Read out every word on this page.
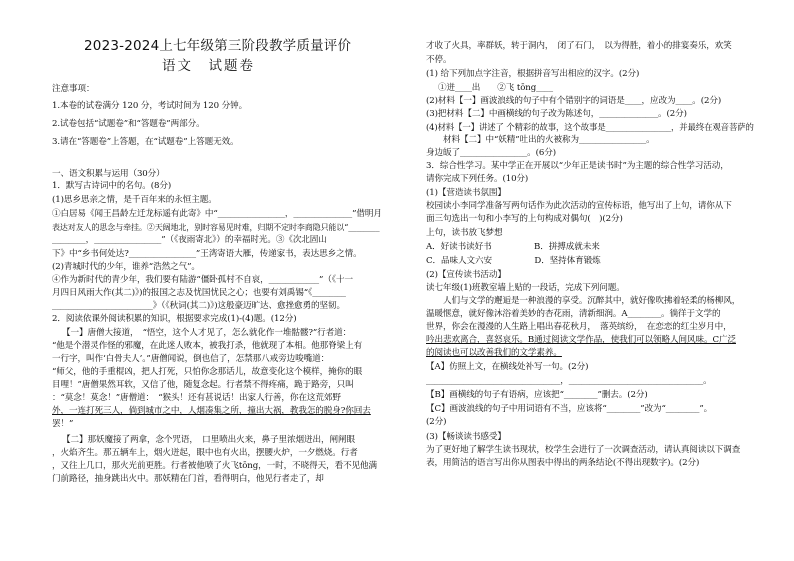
2023-2024上七年级第三阶段教学质量评价
语文　试题卷
注意事项：
1.本卷的试卷满分 120 分，考试时间为 120 分钟。
2.试卷包括“试题卷”和“答题卷”两部分。
3.请在“答题卷”上答题，在“试题卷”上答题无效。
一、语文积累与运用（30分）
1．默写古诗词中的名句。(8分)
(1)思乡思亲之情，是千百年来的永恒主题。
①白居易《闻王昌龄左迁龙标遥有此寄》中“________________，______________”借明月
表达对友人的思念与牵挂。②天阔地北，别时容易见时难，归期不定时李商隐只能以“________
________，________________”（《夜雨寄北》）的幸福时光。③《次北固山
下》中“乡书何处达?________________”王湾寄语大雁，传递家书，表达思乡之情。
(2)青城时代的少年，谁养“浩然之气”。
④作为新时代的青少年，我们要有陆游“僵卧孤村不自哀，____________”（《十一
月四日风雨大作(其二)》)的报国之志及忧国忧民之心；也要有刘禹锡“《________
________________________》（《秋词(其二)》)这般豪迈旷达、愈挫愈勇的坚韧。
2．阅读依课外阅读积累的知识，根据要求完成(1)-(4)题。(12分)
【一】唐僧大接道，　“悟空，这个人才见了，怎么就化作一堆骷髅?”行者道：
“他是个潜灵作怪的邪魔，在此迷人败本，被我打杀，他就现了本相。他那脊梁上有
一行字，叫作‘白骨夫人’。”唐僧闻说，倒也信了，怎禁那八戒旁边唆嘴道：
“师父，他的手重棍凶，把人打死，只怕你念那话儿，故意变化这个模样，掩你的眼
目哩！”唐僧果然耳软，又信了他，随复念起。行者禁不得疼痛，跪于路旁，只叫
：“莫念！莫念！”唐僧道：　“猴头！还有甚说话！出家人行善，你在这荒郊野
外，一连打死三人，倘到城市之中，人烟凑集之所，撞出大祸，教我怎的脱身?你回去
罢！”
【二】那妖魔接了两拿，念个咒语，　口里喷出火来，鼻子里浓烟迸出，闸闸眼
，火焰齐生。那五辆车上，烟火迸起，眼中也有火出，摆腰火炉，一夕燃烧。行者
，又往上几口，那火光前更胜。行者被他喷了火飞tōng，一时，不晓得天，看不见他满
门前路径，抽身跳出火中。那妖精在门首，看得明白，他见行者走了，却
才收了火具，率群妖，转于洞内，　闭了石门，　以为得胜，着小的排宴奏乐，欢笑
不停。
(1) 给下列加点字注音，根据拼音写出相应的汉字。(2分)
①迸____出　　②飞 tōng____
(2)材料【一】画波浪线的句子中有个错别字的词语是____，应改为____。(2分)
(3)把材料【二】中画横线的句子改为陈述句，______________。(2分)
(4)材料【一】讲述了 个精彩的故事，这个故事是________________，并最终在观音菩萨的
　　材料【二】中“妖精”吐出的火被称为________________。
身边皈了________________。(6分)
3．综合性学习。某中学正在开展以“少年正是读书时”为主题的综合性学习活动，
请你完成下列任务。(10分)
(1)【营造读书氛围】
校园读小李同学准备写两句话作为此次活动的宣传标语，他写出了上句，请你从下
面三句选出一句和小李写的上句构成对偶句(　)(2分)
上句，读书放飞梦想
A．好读书读好书　　　　　B．拼搏成就未来
C．品味人文六安　　　　　D．坚持体育锻炼
(2)【宣传读书活动】
读七年级(1)班教室墙上贴的一段话，完成下列问题。
　　人们与文学的邂逅是一种浪漫的享受。沉醉其中，就好像吹拂着轻柔的杨柳风，
温暖惬意，就好像沐浴着美妙的杏花雨，清新细润。A________。徜徉于文学的
世界，你会在漫漫的人生路上唱出春花秋月，　落英缤纷，　在恋恋的红尘岁月中，
吟出悲欢离合，喜怒哀乐。B通过阅读文学作品，使我们可以领略人间风味。C广泛
的阅读也可以改善我们的文学素养。
【A】仿照上文，在横线处补写一句。(2分)
________________________________，________________________________。
【B】画横线的句子有语病，应该把“________”删去。(2分)
【C】画波浪线的句子中用词语有不当，应该将“________”改为“________”。
(2分)
(3)【畅谈读书感受】
为了更好地了解学生读书现状，校学生会进行了一次调查活动，请认真阅读以下调查
表，用简洁的语言写出你从图表中得出的两条结论(不得出现数字)。(2分)
